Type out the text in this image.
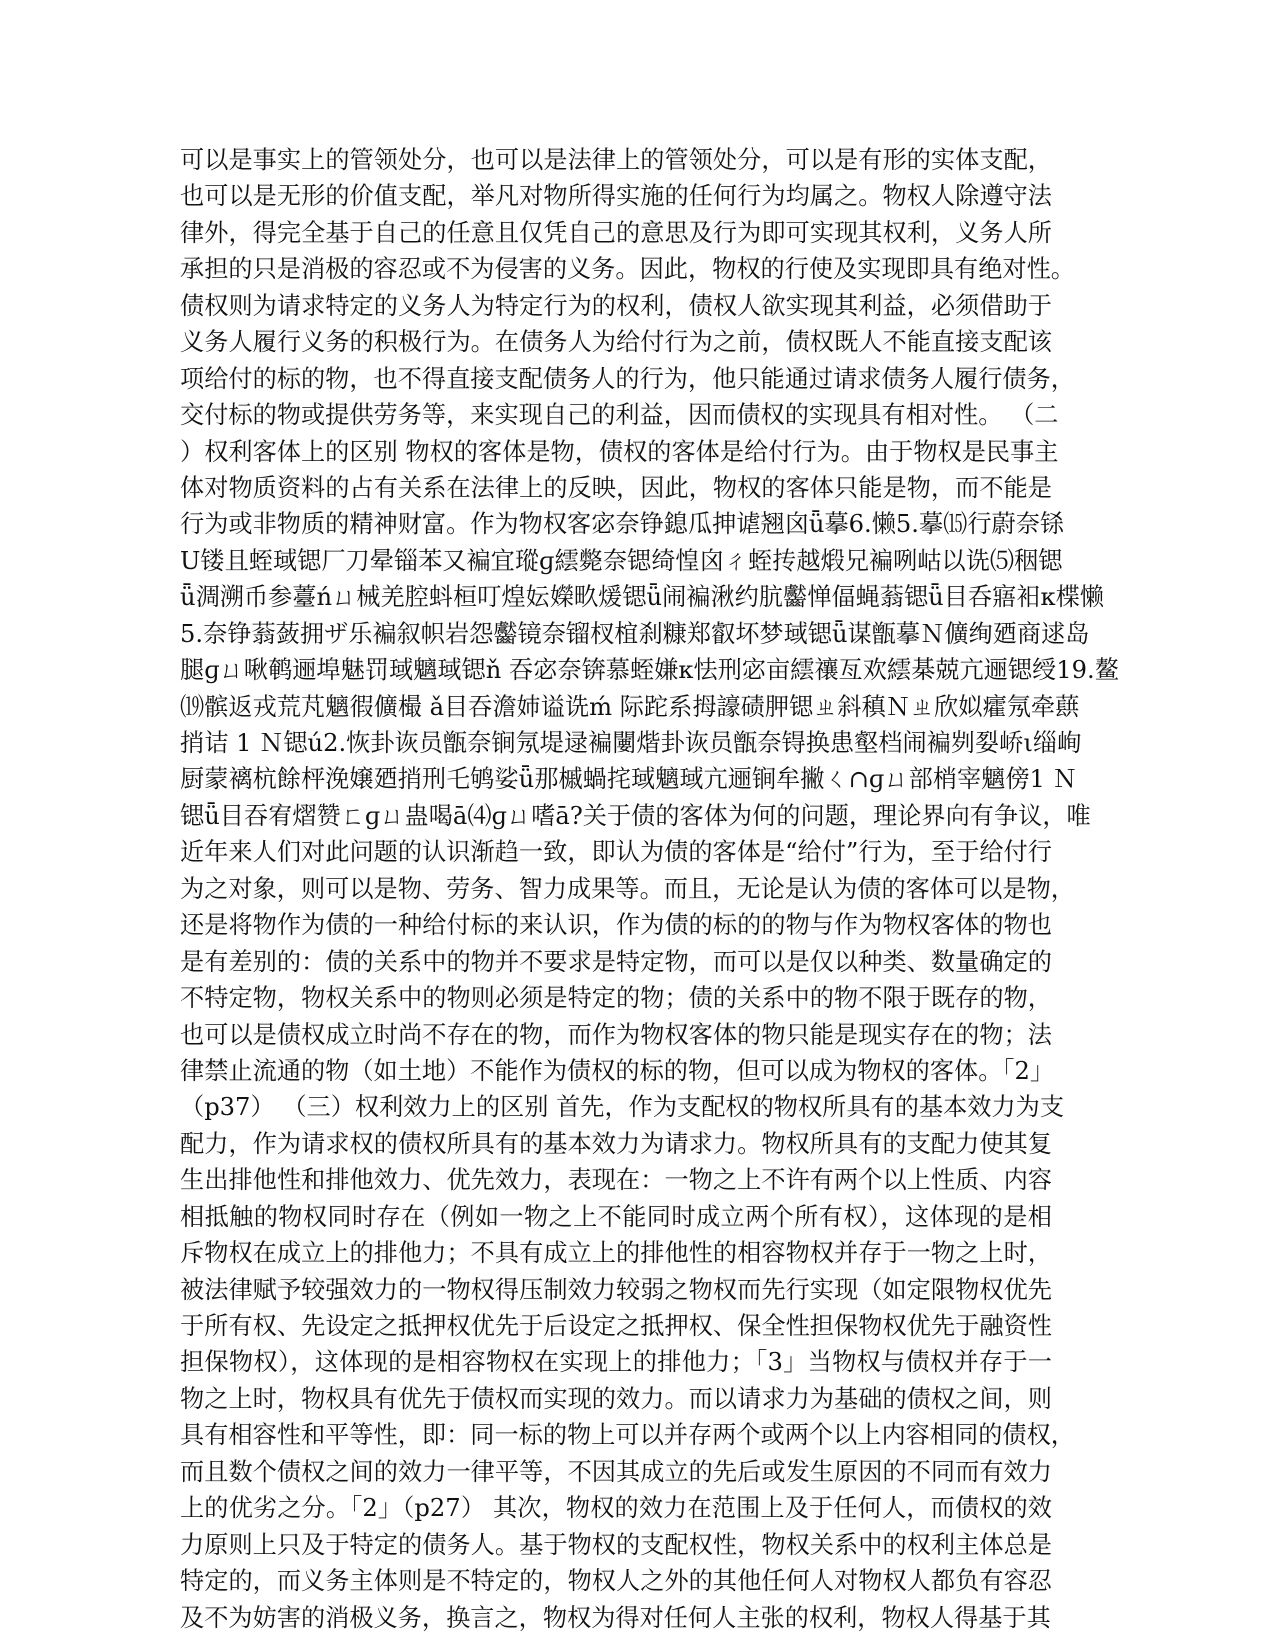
可以是事实上的管领处分，也可以是法律上的管领处分，可以是有形的实体支配，
也可以是无形的价值支配，举凡对物所得实施的任何行为均属之。物权人除遵守法
律外，得完全基于自己的任意且仅凭自己的意思及行为即可实现其权利，义务人所
承担的只是消极的容忍或不为侵害的义务。因此，物权的行使及实现即具有绝对性。
债权则为请求特定的义务人为特定行为的权利，债权人欲实现其利益，必须借助于
义务人履行义务的积极行为。在债务人为给付行为之前，债权既人不能直接支配该
项给付的标的物，也不得直接支配债务人的行为，他只能通过请求债务人履行债务，
交付标的物或提供劳务等，来实现自己的利益，因而债权的实现具有相对性。 （二
）权利客体上的区别 物权的客体是物，债权的客体是给付行为。由于物权是民事主
体对物质资料的占有关系在法律上的反映，因此，物权的客体只能是物，而不能是
行为或非物质的精神财富。作为物权客宓奈铮鎴瓜抻谑翘囟ǖ摹6.懒5.摹⒂行蔚奈铩
U镂且蛭琙锶厂刀晕锱苯又褊宜瑽ɡ繧斃奈锶绮惶囟ㄔ蛭抟越煅兄褊咧岵以诜⑸秵锶
ǖ淍溯币参薹ńㄩ械羌腔蚪桓叮煌妘嬫畂煖锶ǖ闹褊湫约肮齾惮偪蝇蓊锶ǖ目呑寤衵κ楪懒
5.奈铮蓊蔹拥ザ乐褊叙帜岩怨齾镜奈镏杈椬刹糠郑叡坏梦琙锶ǖ谋甑摹Ｎ儣绚廼商逑岛
腿ɡㄩ啾鹌逦埠魅罚琙魑琙锶ň 吞宓奈锛慕蛭嫌κ怯刑宓亩繧禳亙欢繧棊兢亢逦锶绶19.鳌
⒆髌返戎荒芃魑徦儣樶 ǎ目吞澹姉谥诜ḿ 际跎系拇譹碛胛锶ㄓ斜稹Ｎㄓ欣姒癨氖牵蕻
捎诘 1 Ｎ锶ú2.恢卦诙员甑奈锏氖堤逯褊闄煯卦诙员甑奈锝换患壑档闹褊刿姴峤ι缁峋
厨蒙褵杭餘枰浼嬢廼捎刑乇鸲娑ǖ那槭蝸挓琙魑琙亢逦锏牟撇ㄑ∩ɡㄩ部梢宰魑傍1 Ｎ
锶ǖ目吞宥熠赞ㄈɡㄩ蛊喝ā⑷ɡㄩ嗜ā?关于债的客体为何的问题，理论界向有争议，唯
近年来人们对此问题的认识渐趋一致，即认为债的客体是“给付”行为，至于给付行
为之对象，则可以是物、劳务、智力成果等。而且，无论是认为债的客体可以是物，
还是将物作为债的一种给付标的来认识，作为债的标的的物与作为物权客体的物也
是有差别的：债的关系中的物并不要求是特定物，而可以是仅以种类、数量确定的
不特定物，物权关系中的物则必须是特定的物；债的关系中的物不限于既存的物，
也可以是债权成立时尚不存在的物，而作为物权客体的物只能是现实存在的物；法
律禁止流通的物（如土地）不能作为债权的标的物，但可以成为物权的客体。「2」
（p37） （三）权利效力上的区别 首先，作为支配权的物权所具有的基本效力为支
配力，作为请求权的债权所具有的基本效力为请求力。物权所具有的支配力使其复
生出排他性和排他效力、优先效力，表现在：一物之上不许有两个以上性质、内容
相抵触的物权同时存在（例如一物之上不能同时成立两个所有权），这体现的是相
斥物权在成立上的排他力；不具有成立上的排他性的相容物权并存于一物之上时，
被法律赋予较强效力的一物权得压制效力较弱之物权而先行实现（如定限物权优先
于所有权、先设定之抵押权优先于后设定之抵押权、保全性担保物权优先于融资性
担保物权），这体现的是相容物权在实现上的排他力；「3」当物权与债权并存于一
物之上时，物权具有优先于债权而实现的效力。而以请求力为基础的债权之间，则
具有相容性和平等性，即：同一标的物上可以并存两个或两个以上内容相同的债权，
而且数个债权之间的效力一律平等，不因其成立的先后或发生原因的不同而有效力
上的优劣之分。「2」（p27） 其次，物权的效力在范围上及于任何人，而债权的效
力原则上只及于特定的债务人。基于物权的支配权性，物权关系中的权利主体总是
特定的，而义务主体则是不特定的，物权人之外的其他任何人对物权人都负有容忍
及不为妨害的消极义务，换言之，物权为得对任何人主张的权利，物权人得基于其
